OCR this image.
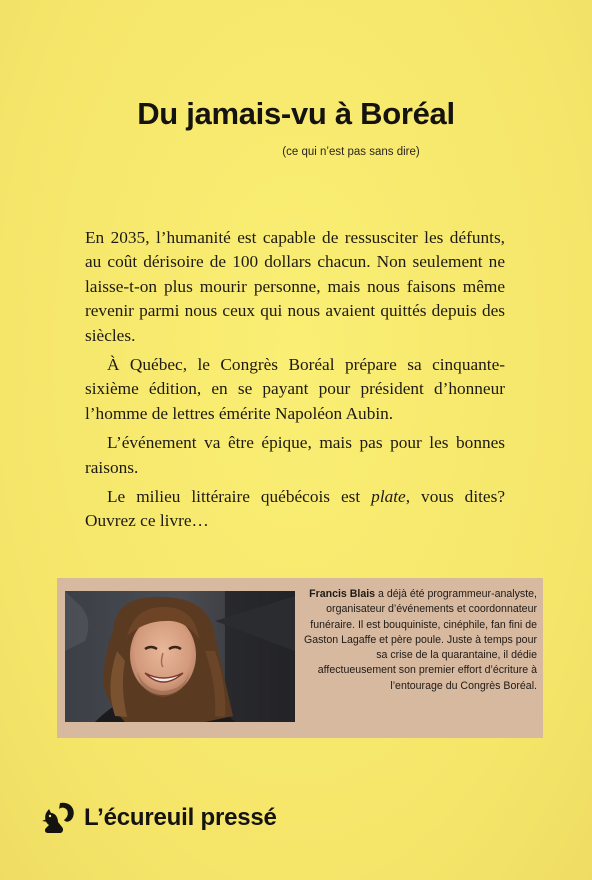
Du jamais-vu à Boréal
(ce qui n’est pas sans dire)

En 2035, l’humanité est capable de ressusciter les défunts, au coût dérisoire de 100 dollars chacun. Non seulement ne laisse-t-on plus mourir personne, mais nous faisons même revenir parmi nous ceux qui nous avaient quittés depuis des siècles.

À Québec, le Congrès Boréal prépare sa cinquante-sixième édition, en se payant pour président d’honneur l’homme de lettres émérite Napoléon Aubin.

L’événement va être épique, mais pas pour les bonnes raisons.

Le milieu littéraire québécois est plate, vous dites? Ouvrez ce livre…

Francis Blais a déjà été programmeur-analyste, organisateur d’événements et coordonnateur funéraire. Il est bouquiniste, cinéphile, fan fini de Gaston Lagaffe et père poule. Juste à temps pour sa crise de la quarantaine, il dédie affectueusement son premier effort d’écriture à l’entourage du Congrès Boréal.
L’écureuil pressé
